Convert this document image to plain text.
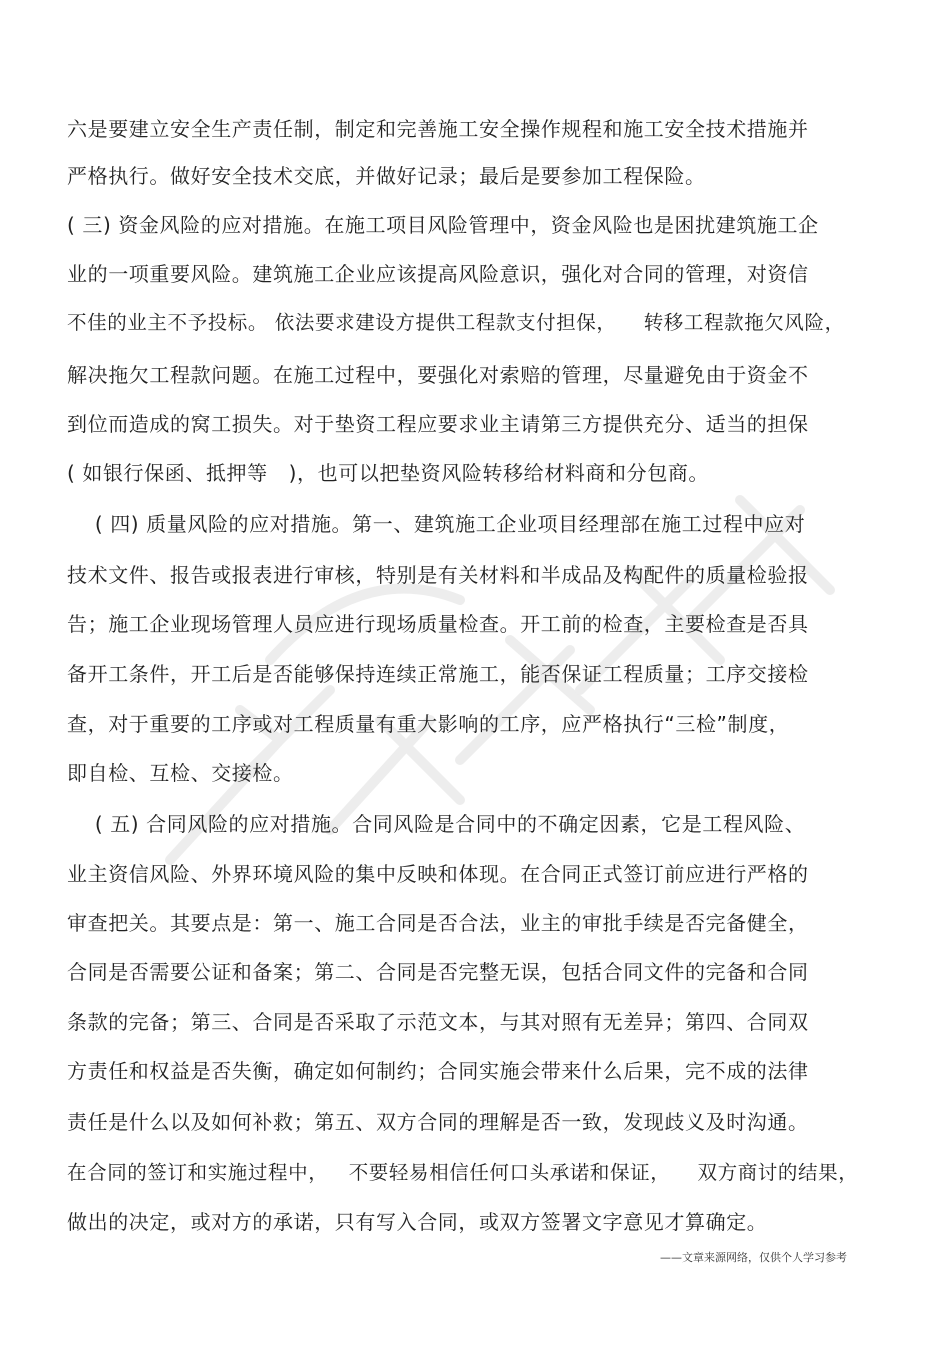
六是要建立安全生产责任制，制定和完善施工安全操作规程和施工安全技术措施并
严格执行。做好安全技术交底，并做好记录；最后是要参加工程保险。
( 三) 资金风险的应对措施。在施工项目风险管理中，资金风险也是困扰建筑施工企
业的一项重要风险。建筑施工企业应该提高风险意识，强化对合同的管理，对资信
不佳的业主不予投标。 依法要求建设方提供工程款支付担保，    转移工程款拖欠风险，
解决拖欠工程款问题。在施工过程中，要强化对索赔的管理，尽量避免由于资金不
到位而造成的窝工损失。对于垫资工程应要求业主请第三方提供充分、适当的担保
( 如银行保函、抵押等   )，也可以把垫资风险转移给材料商和分包商。
( 四) 质量风险的应对措施。第一、建筑施工企业项目经理部在施工过程中应对
技术文件、报告或报表进行审核，特别是有关材料和半成品及构配件的质量检验报
告；施工企业现场管理人员应进行现场质量检查。开工前的检查，主要检查是否具
备开工条件，开工后是否能够保持连续正常施工，能否保证工程质量；工序交接检
查，对于重要的工序或对工程质量有重大影响的工序，应严格执行“三检”制度，
即自检、互检、交接检。
( 五) 合同风险的应对措施。合同风险是合同中的不确定因素，它是工程风险、
业主资信风险、外界环境风险的集中反映和体现。在合同正式签订前应进行严格的
审查把关。其要点是：第一、施工合同是否合法，业主的审批手续是否完备健全，
合同是否需要公证和备案；第二、合同是否完整无误，包括合同文件的完备和合同
条款的完备；第三、合同是否采取了示范文本，与其对照有无差异；第四、合同双
方责任和权益是否失衡，确定如何制约；合同实施会带来什么后果，完不成的法律
责任是什么以及如何补救；第五、双方合同的理解是否一致，发现歧义及时沟通。
在合同的签订和实施过程中，   不要轻易相信任何口头承诺和保证，    双方商讨的结果，
做出的决定，或对方的承诺，只有写入合同，或双方签署文字意见才算确定。
——文章来源网络，仅供个人学习参考
